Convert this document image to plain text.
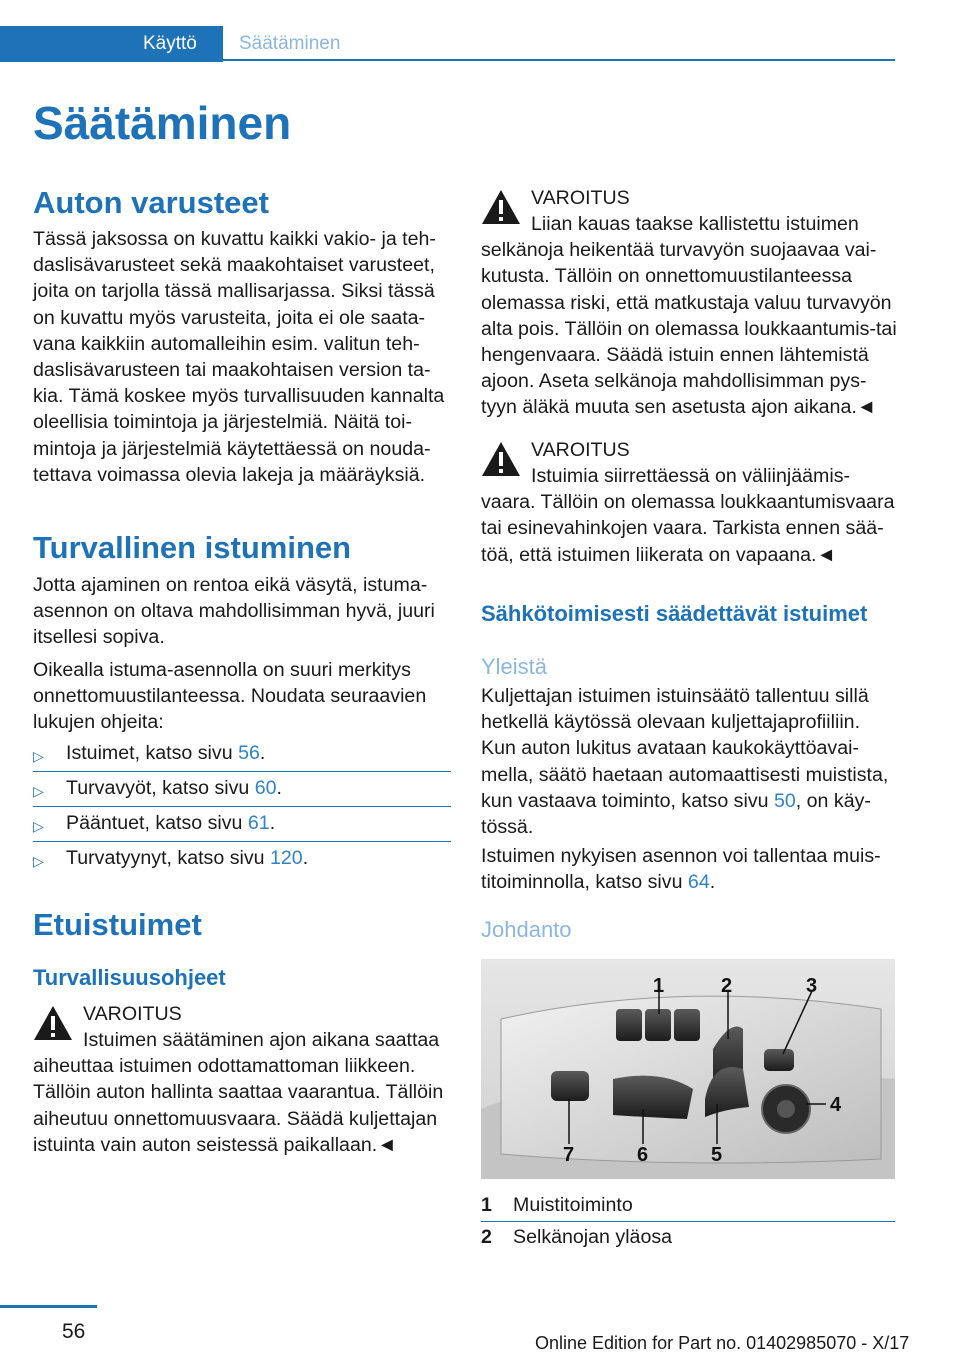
Käyttö	Säätäminen
Säätäminen
Auton varusteet
Tässä jaksossa on kuvattu kaikki vakio- ja teh-daslisävarusteet sekä maakohtaiset varusteet, joita on tarjolla tässä mallisarjassa. Siksi tässä on kuvattu myös varusteita, joita ei ole saata-vana kaikkiin automalleihin esim. valitun teh-daslisävarusteen tai maakohtaisen version ta-kia. Tämä koskee myös turvallisuuden kannalta oleellisia toimintoja ja järjestelmiä. Näitä toi-mintoja ja järjestelmiä käytettäessä on nouda-tettava voimassa olevia lakeja ja määräyksiä.
Turvallinen istuminen
Jotta ajaminen on rentoa eikä väsytä, istuma-asennon on oltava mahdollisimman hyvä, juuri itsellesi sopiva.
Oikealla istuma-asennolla on suuri merkitys onnettomuustilanteessa. Noudata seuraavien lukujen ohjeita:
▷ Istuimet, katso sivu 56.
▷ Turvavyöt, katso sivu 60.
▷ Pääntuet, katso sivu 61.
▷ Turvatyynyt, katso sivu 120.
Etuistuimet
Turvallisuusohjeet
VAROITUS
Istuimen säätäminen ajon aikana saattaa
aiheuttaa istuimen odottamattoman liikkeen. Tällöin auton hallinta saattaa vaarantua. Tällöin aiheutuu onnettomuusvaara. Säädä kuljettajan istuinta vain auton seistessä paikallaan.◄
VAROITUS
Liian kauas taakse kallistettu istuimen
selkänoja heikentää turvavyön suojaavaa vai-kutusta. Tällöin on onnettomuustilanteessa olemassa riski, että matkustaja valuu turvavyön alta pois. Tällöin on olemassa loukkaantumis-tai hengenvaara. Säädä istuin ennen lähtemistä ajoon. Aseta selkänoja mahdollisimman pys-tyyn äläkä muuta sen asetusta ajon aikana.◄
VAROITUS
Istuimia siirrettäessä on väliinjäämis-
vaara. Tällöin on olemassa loukkaantumisvaara tai esinevahinkojen vaara. Tarkista ennen sää-töä, että istuimen liikerata on vapaana.◄
Sähkötoimisesti säädettävät istuimet
Yleistä
Kuljettajan istuimen istuinsäätö tallentuu sillä hetkellä käytössä olevaan kuljettajaprofiiliin. Kun auton lukitus avataan kaukokäyttöavai-mella, säätö haetaan automaattisesti muistista, kun vastaava toiminto, katso sivu 50, on käy-tössä.
Istuimen nykyisen asennon voi tallentaa muis-titoiminnolla, katso sivu 64.
Johdanto
1	2	3
4
5
6
7
1 Muistitoiminto
2 Selkänojan yläosa
56	Online Edition for Part no. 01402985070 - X/17
